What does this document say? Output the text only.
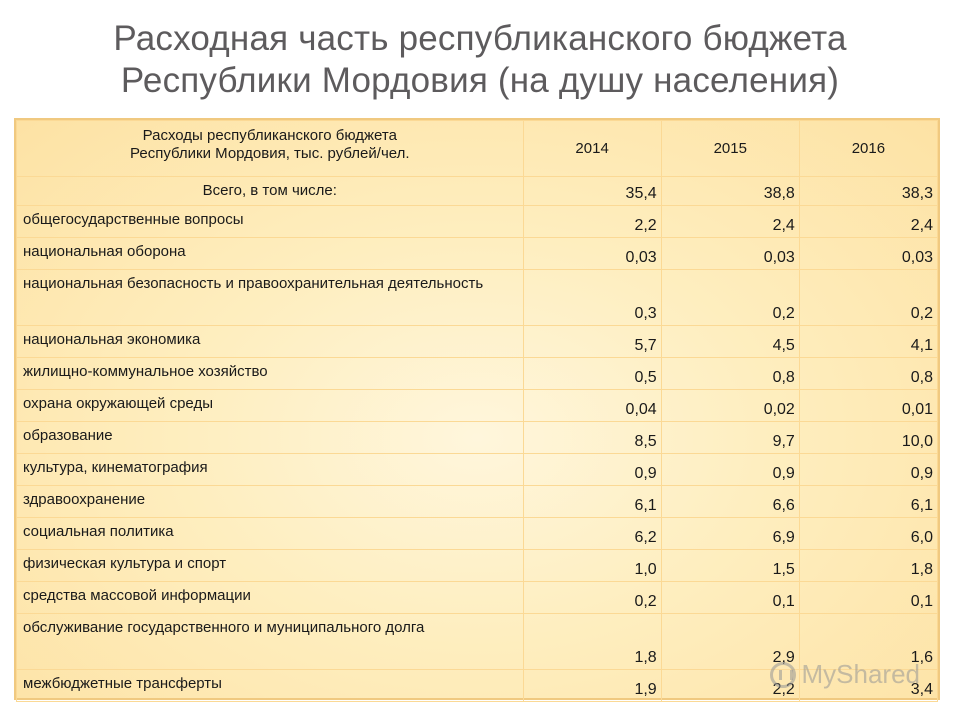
Расходная часть республиканского бюджета
Республики Мордовия (на душу населения)
Расходы республиканского бюджета
Республики Мордовия, тыс. рублей/чел.	2014	2015	2016
Всего, в том числе:	35,4	38,8	38,3
общегосударственные вопросы	2,2	2,4	2,4
национальная оборона	0,03	0,03	0,03
национальная безопасность и правоохранительная деятельность	0,3	0,2	0,2
национальная экономика	5,7	4,5	4,1
жилищно-коммунальное хозяйство	0,5	0,8	0,8
охрана окружающей среды	0,04	0,02	0,01
образование	8,5	9,7	10,0
культура, кинематография	0,9	0,9	0,9
здравоохранение	6,1	6,6	6,1
социальная политика	6,2	6,9	6,0
физическая культура и спорт	1,0	1,5	1,8
средства массовой информации	0,2	0,1	0,1
обслуживание государственного и муниципального долга	1,8	2,9	1,6
межбюджетные трансферты	1,9	2,2	3,4
MyShared
